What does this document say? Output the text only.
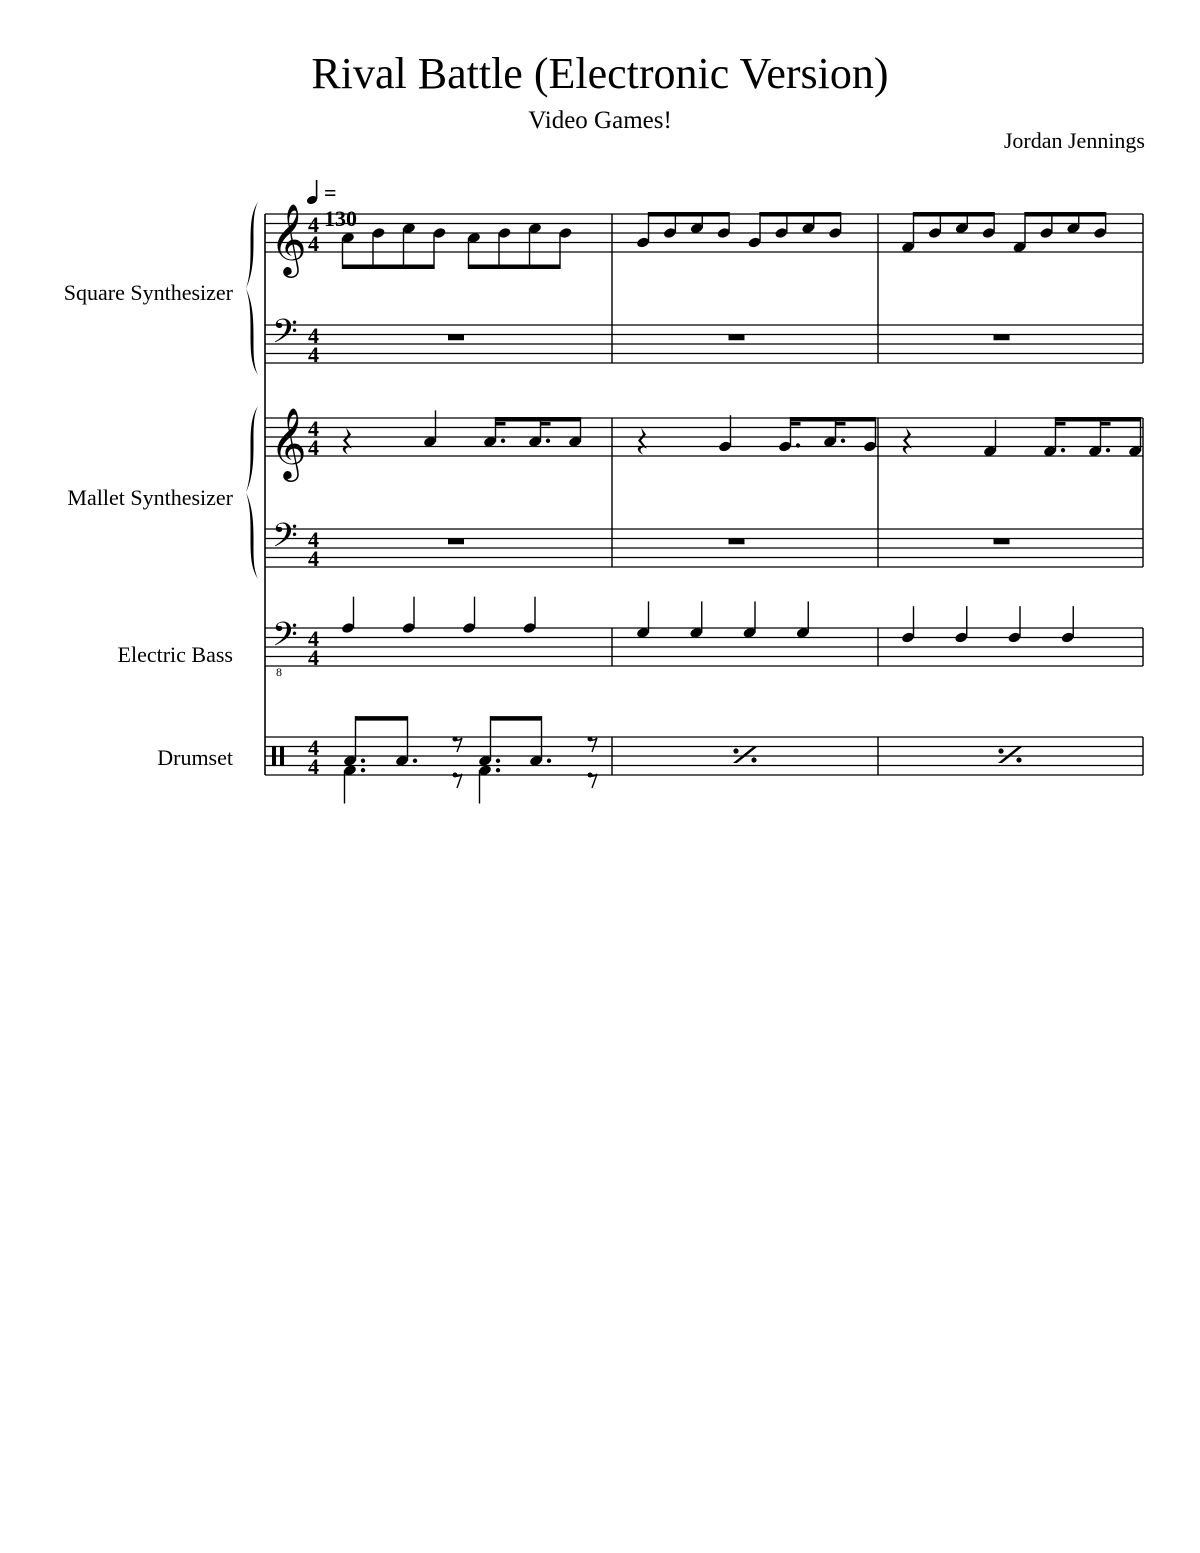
Rival Battle (Electronic Version)
Video Games!
Jordan Jennings
= 130
Square Synthesizer
Mallet Synthesizer
Electric Bass
Drumset
𝄞
𝄞
𝄢
𝄢
𝄢
8
4
4
4
4
4
4
4
4
4
4
4
4
